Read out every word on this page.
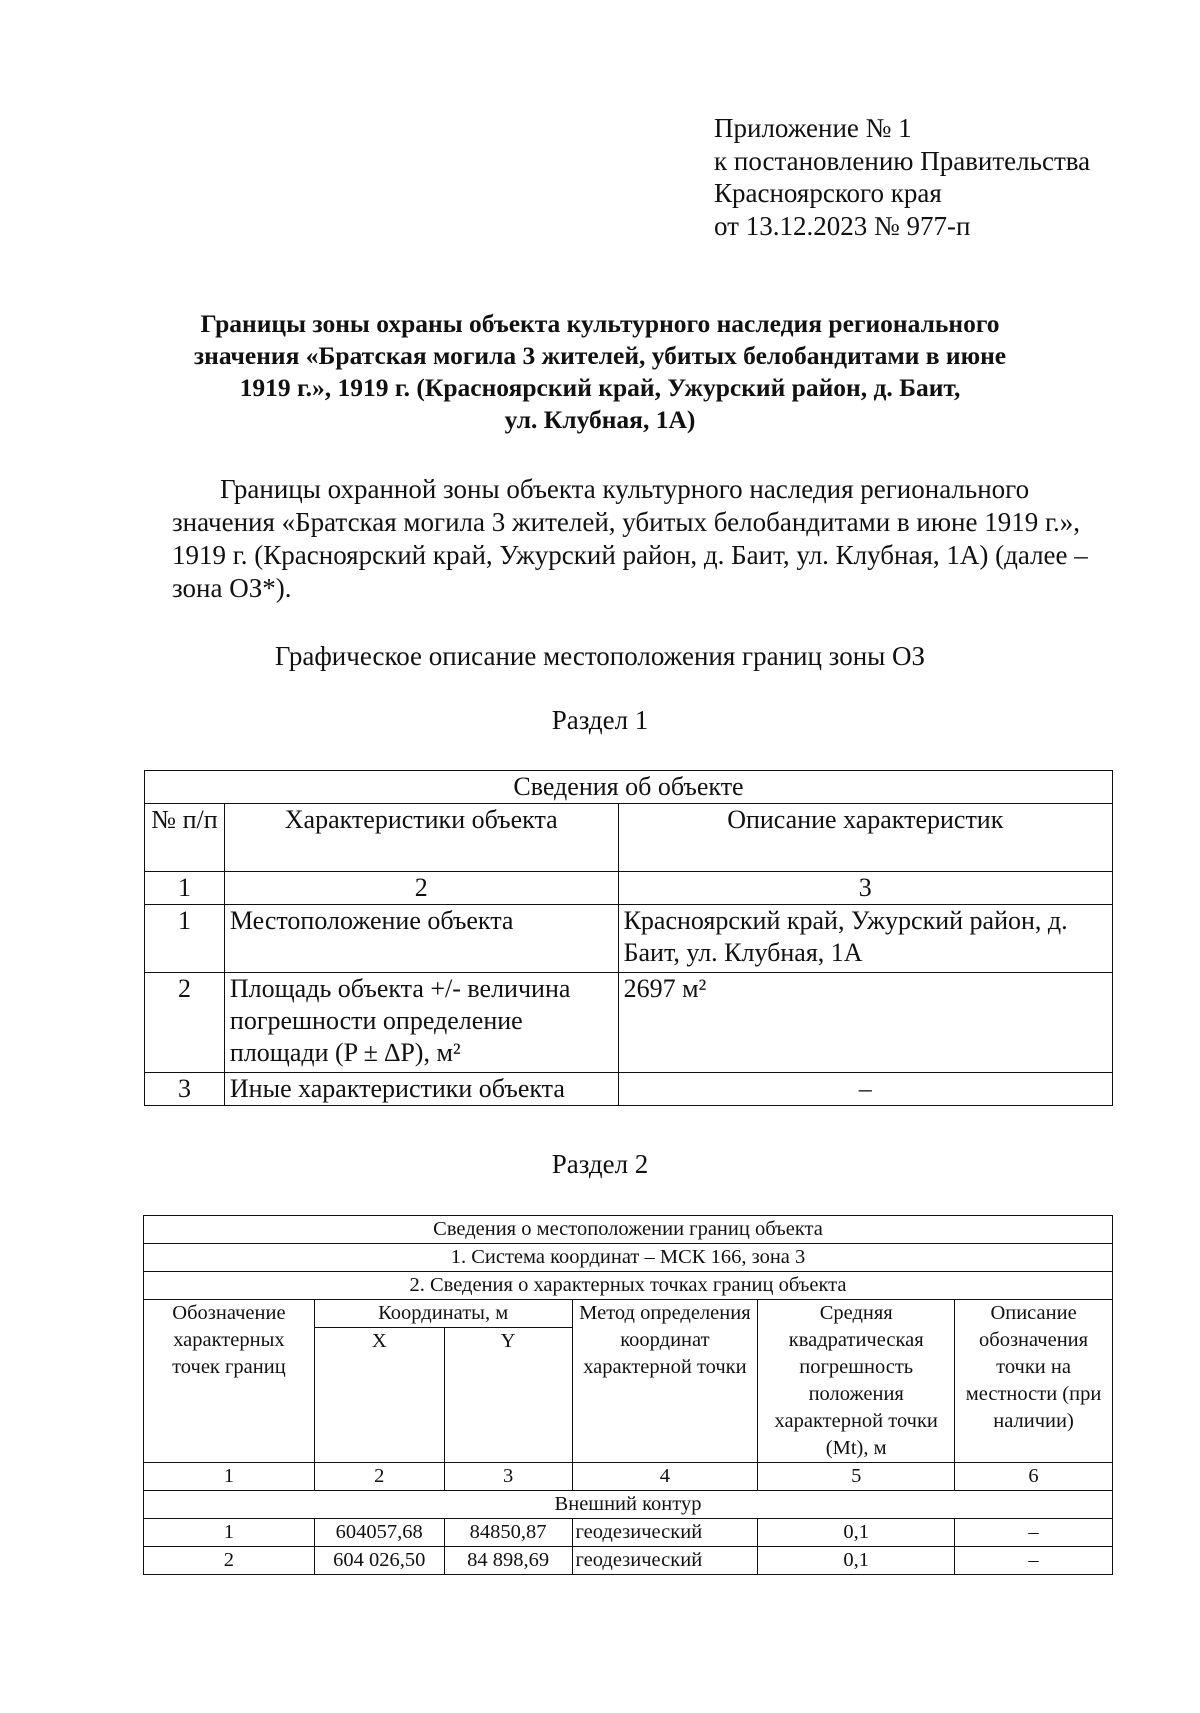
Приложение № 1
к постановлению Правительства
Красноярского края
от 13.12.2023 № 977-п
Границы зоны охраны объекта культурного наследия регионального
значения «Братская могила 3 жителей, убитых белобандитами в июне
1919 г.», 1919 г. (Красноярский край, Ужурский район, д. Баит,
ул. Клубная, 1А)
Границы охранной зоны объекта культурного наследия регионального
значения «Братская могила 3 жителей, убитых белобандитами в июне 1919 г.»,
1919 г. (Красноярский край, Ужурский район, д. Баит, ул. Клубная, 1А) (далее –
зона ОЗ*).
Графическое описание местоположения границ зоны ОЗ
Раздел 1
Сведения об объекте		
№ п/п	Характеристики объекта	Описание характеристик
1	2	3
1	Местоположение объекта	Красноярский край, Ужурский район, д. Баит, ул. Клубная, 1А
2	Площадь объекта +/- величина погрешности определение площади (P ± ∆P), м²	2697 м²
3	Иные характеристики объекта	–
Раздел 2
Сведения о местоположении границ объекта					
1. Система координат – МСК 166, зона 3					
2. Сведения о характерных точках границ объекта					
Обозначение характерных точек границ	Координаты, м		Метод определения координат характерной точки	Средняя квадратическая погрешность положения характерной точки (Mt), м	Описание обозначения точки на местности (при наличии)
	X	Y			
1	2	3	4	5	6
Внешний контур					
1	604057,68	84850,87	геодезический	0,1	–
2	604 026,50	84 898,69	геодезический	0,1	–
